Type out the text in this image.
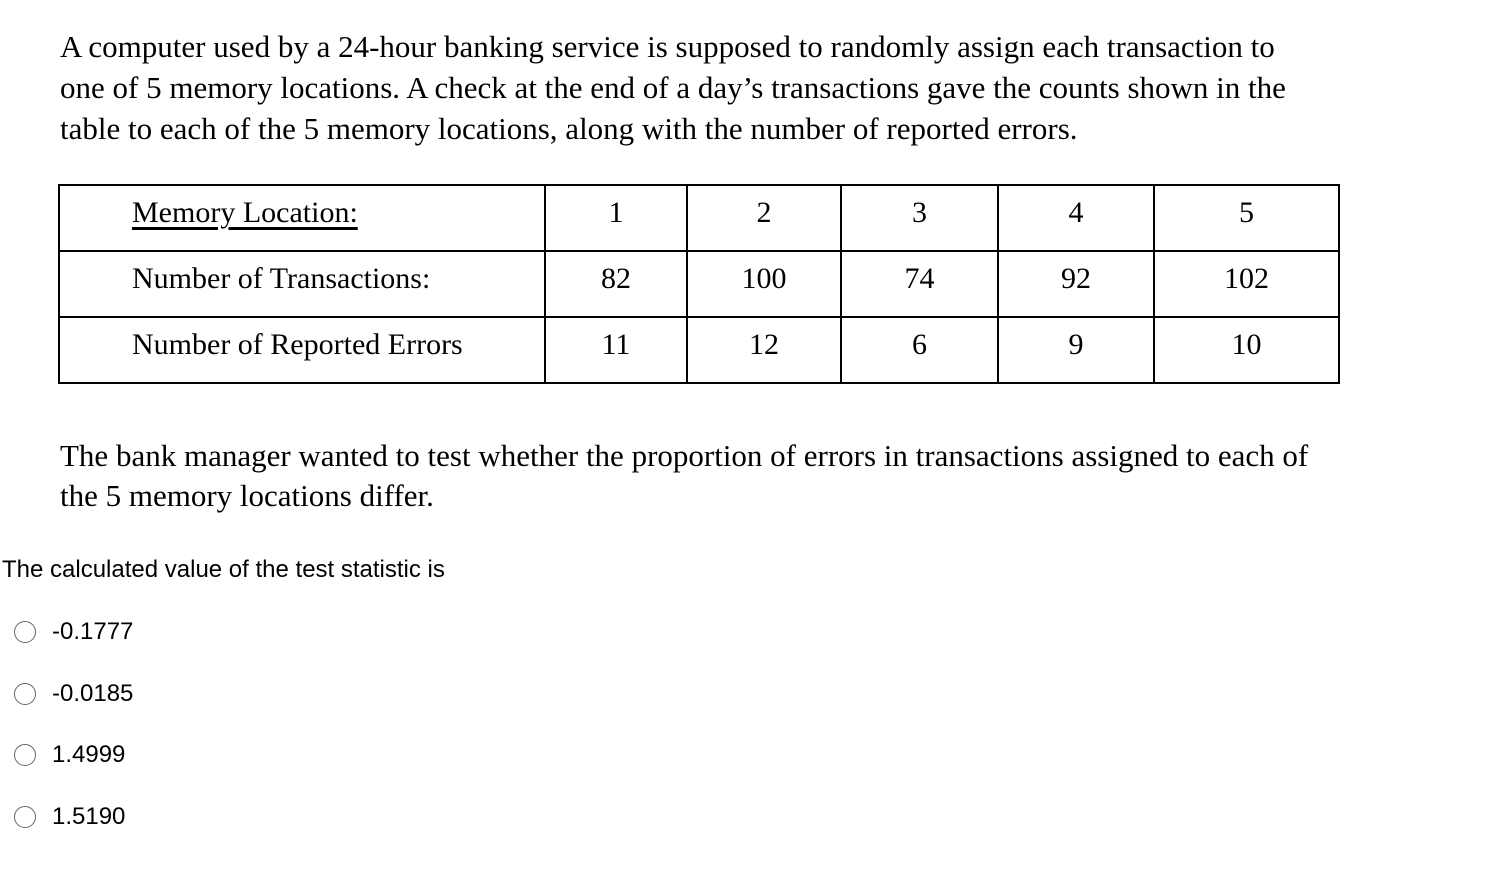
A computer used by a 24-hour banking service is supposed to randomly assign each transaction to
one of 5 memory locations. A check at the end of a day’s transactions gave the counts shown in the
table to each of the 5 memory locations, along with the number of reported errors.
Memory Location:	1	2	3	4	5

Number of Transactions:	82	100	74	92	102

Number of Reported Errors	11	12	6	9	10
The bank manager wanted to test whether the proportion of errors in transactions assigned to each of
the 5 memory locations differ.
The calculated value of the test statistic is
-0.1777
-0.0185
1.4999
1.5190
